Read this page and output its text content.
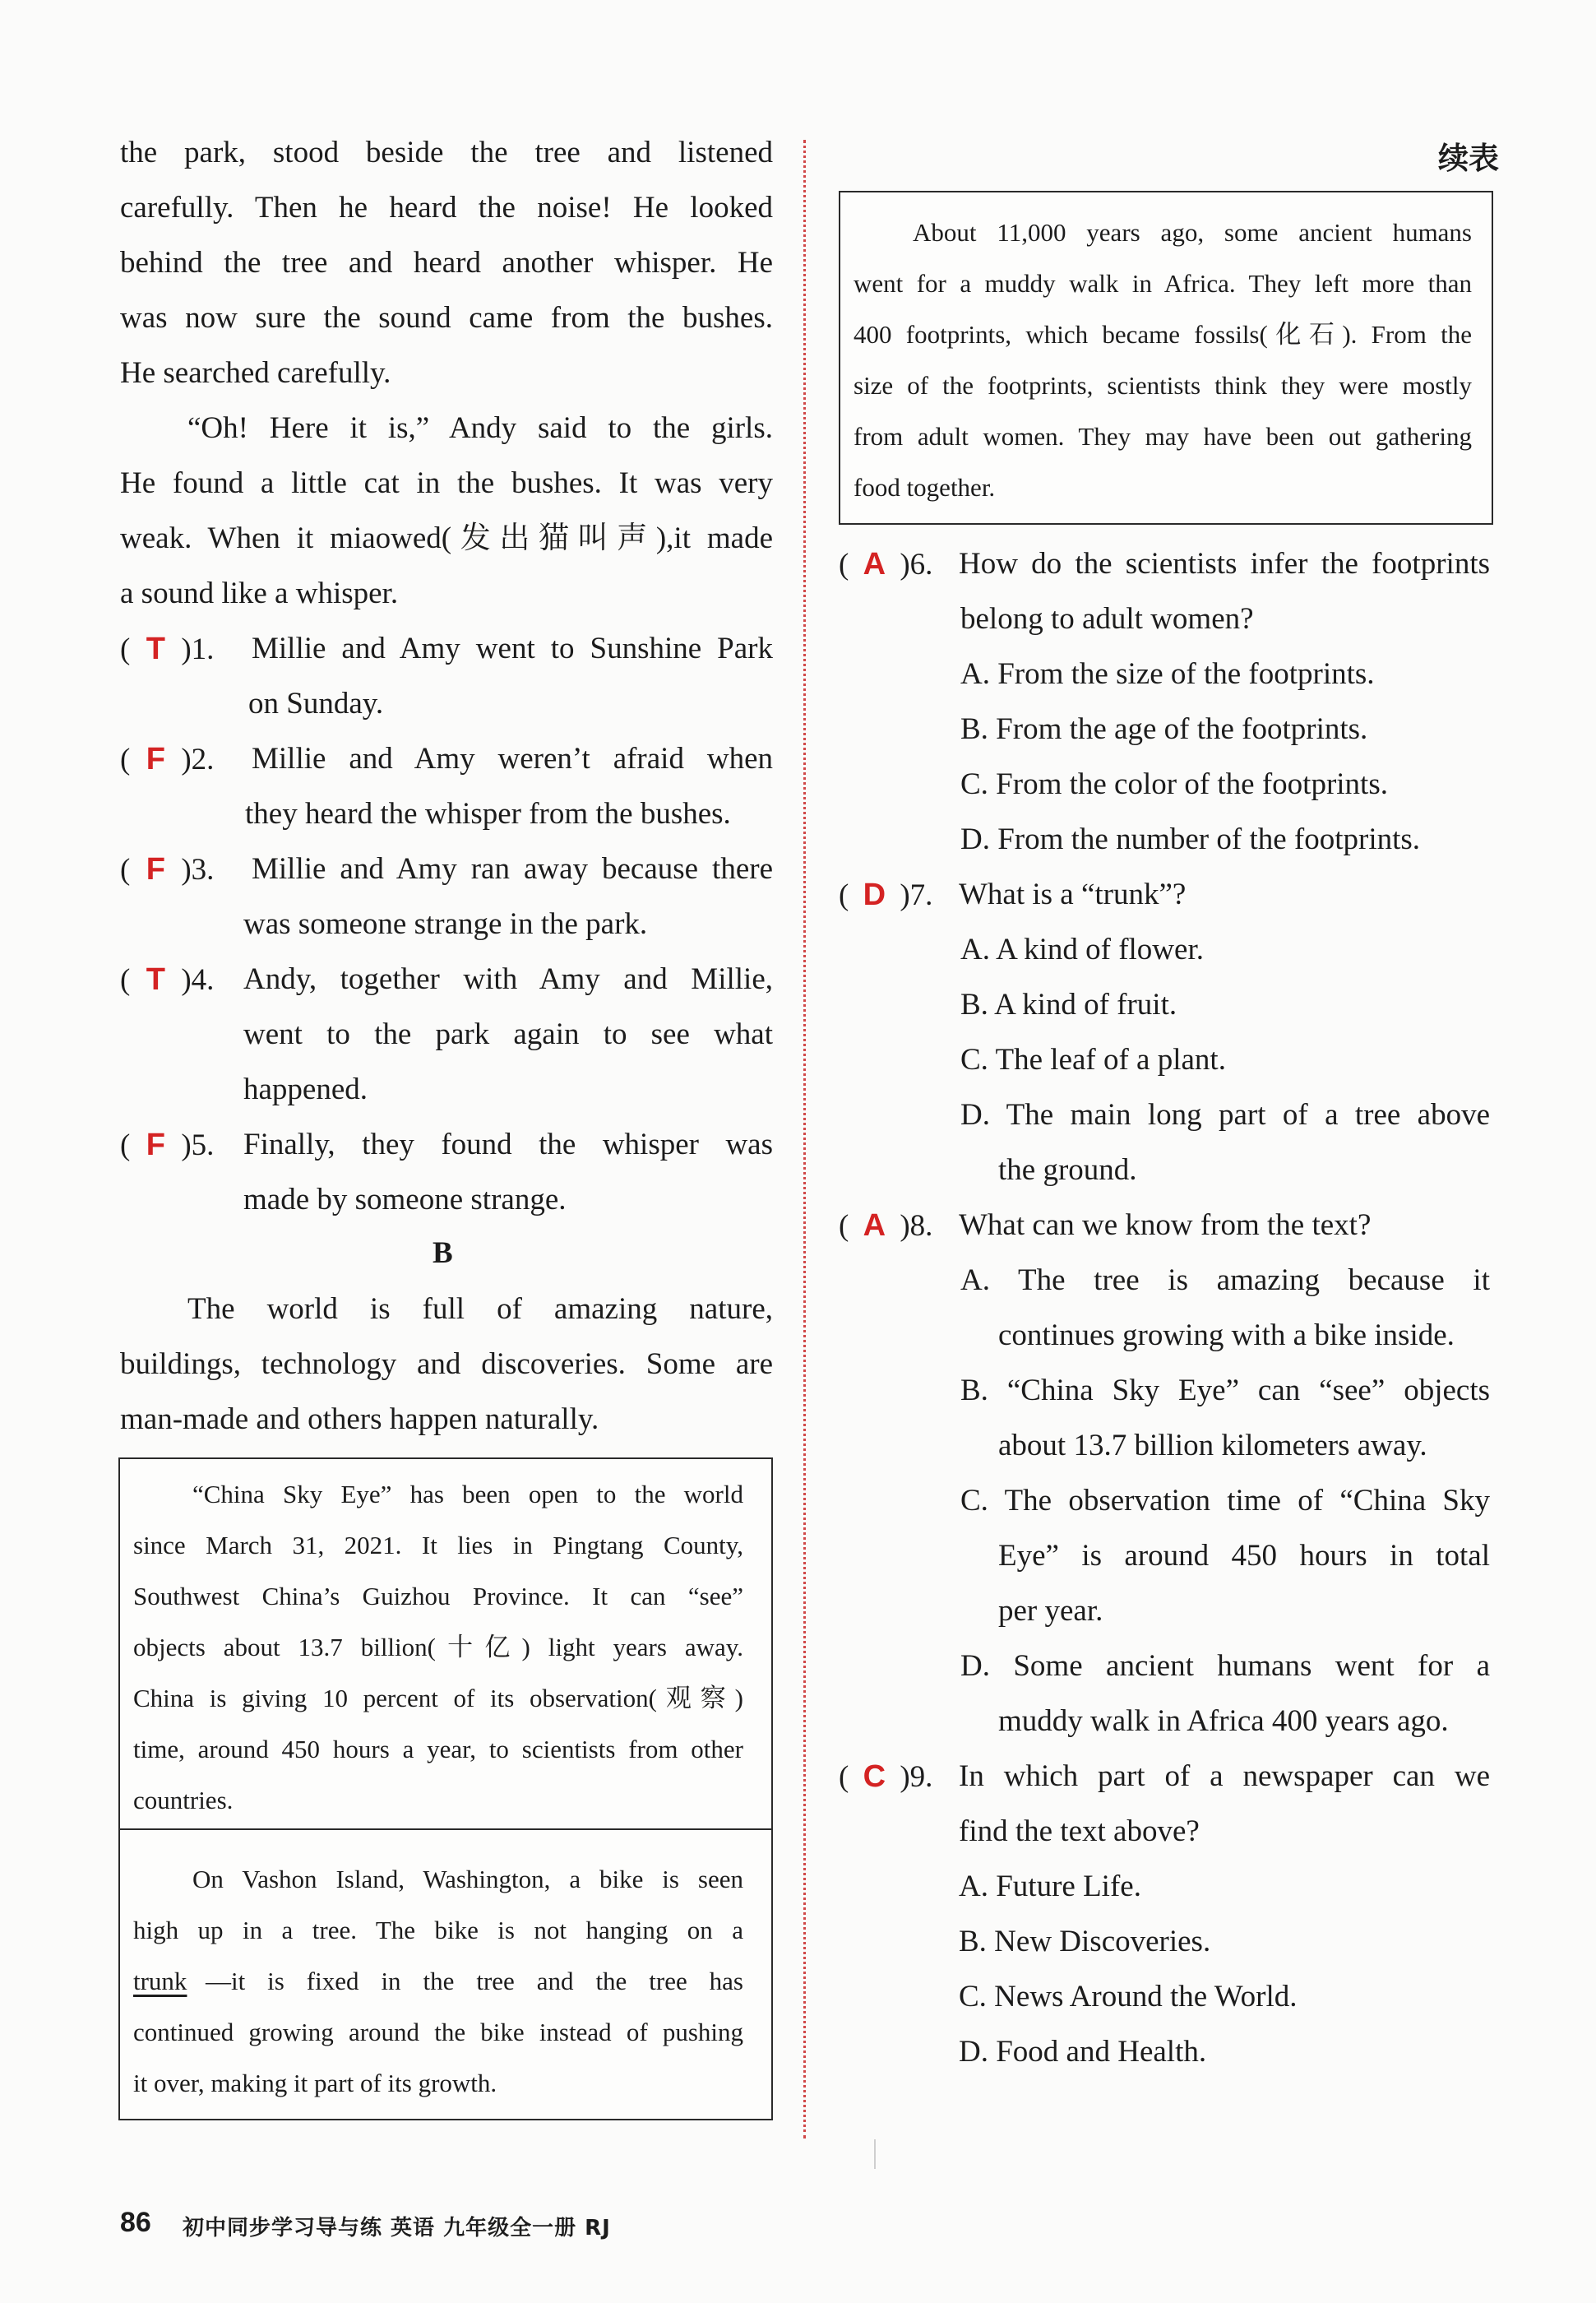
the park, stood beside the tree and listened
carefully. Then he heard the noise! He looked
behind the tree and heard another whisper. He
was now sure the sound came from the bushes.
He searched carefully.
“Oh! Here it is,” Andy said to the girls.
He found a little cat in the bushes. It was very
weak. When it miaowed(发出猫叫声),it made
a sound like a whisper.
( T )1. Millie and Amy went to Sunshine Park
on Sunday.
( F )2. Millie and Amy weren’t afraid when
they heard the whisper from the bushes.
( F )3. Millie and Amy ran away because there
was someone strange in the park.
( T )4. Andy, together with Amy and Millie,
went to the park again to see what
happened.
( F )5. Finally, they found the whisper was
made by someone strange.
B
The world is full of amazing nature,
buildings, technology and discoveries. Some are
man-made and others happen naturally.
“China Sky Eye” has been open to the world
since March 31, 2021. It lies in Pingtang County,
Southwest China’s Guizhou Province. It can “see”
objects about 13.7 billion(十亿) light years away.
China is giving 10 percent of its observation(观察)
time, around 450 hours a year, to scientists from other
countries.
On Vashon Island, Washington, a bike is seen
high up in a tree. The bike is not hanging on a
trunk —it is fixed in the tree and the tree has
continued growing around the bike instead of pushing
it over, making it part of its growth.
续表
About 11,000 years ago, some ancient humans
went for a muddy walk in Africa. They left more than
400 footprints, which became fossils(化石). From the
size of the footprints, scientists think they were mostly
from adult women. They may have been out gathering
food together.
( A )6. How do the scientists infer the footprints
belong to adult women?
A. From the size of the footprints.
B. From the age of the footprints.
C. From the color of the footprints.
D. From the number of the footprints.
( D )7. What is a “trunk”?
A. A kind of flower.
B. A kind of fruit.
C. The leaf of a plant.
D. The main long part of a tree above
the ground.
( A )8. What can we know from the text?
A. The tree is amazing because it
continues growing with a bike inside.
B. “China Sky Eye” can “see” objects
about 13.7 billion kilometers away.
C. The observation time of “China Sky
Eye” is around 450 hours in total
per year.
D. Some ancient humans went for a
muddy walk in Africa 400 years ago.
( C )9. In which part of a newspaper can we
find the text above?
A. Future Life.
B. New Discoveries.
C. News Around the World.
D. Food and Health.
86 初中同步学习导与练 英语 九年级全一册 RJ
